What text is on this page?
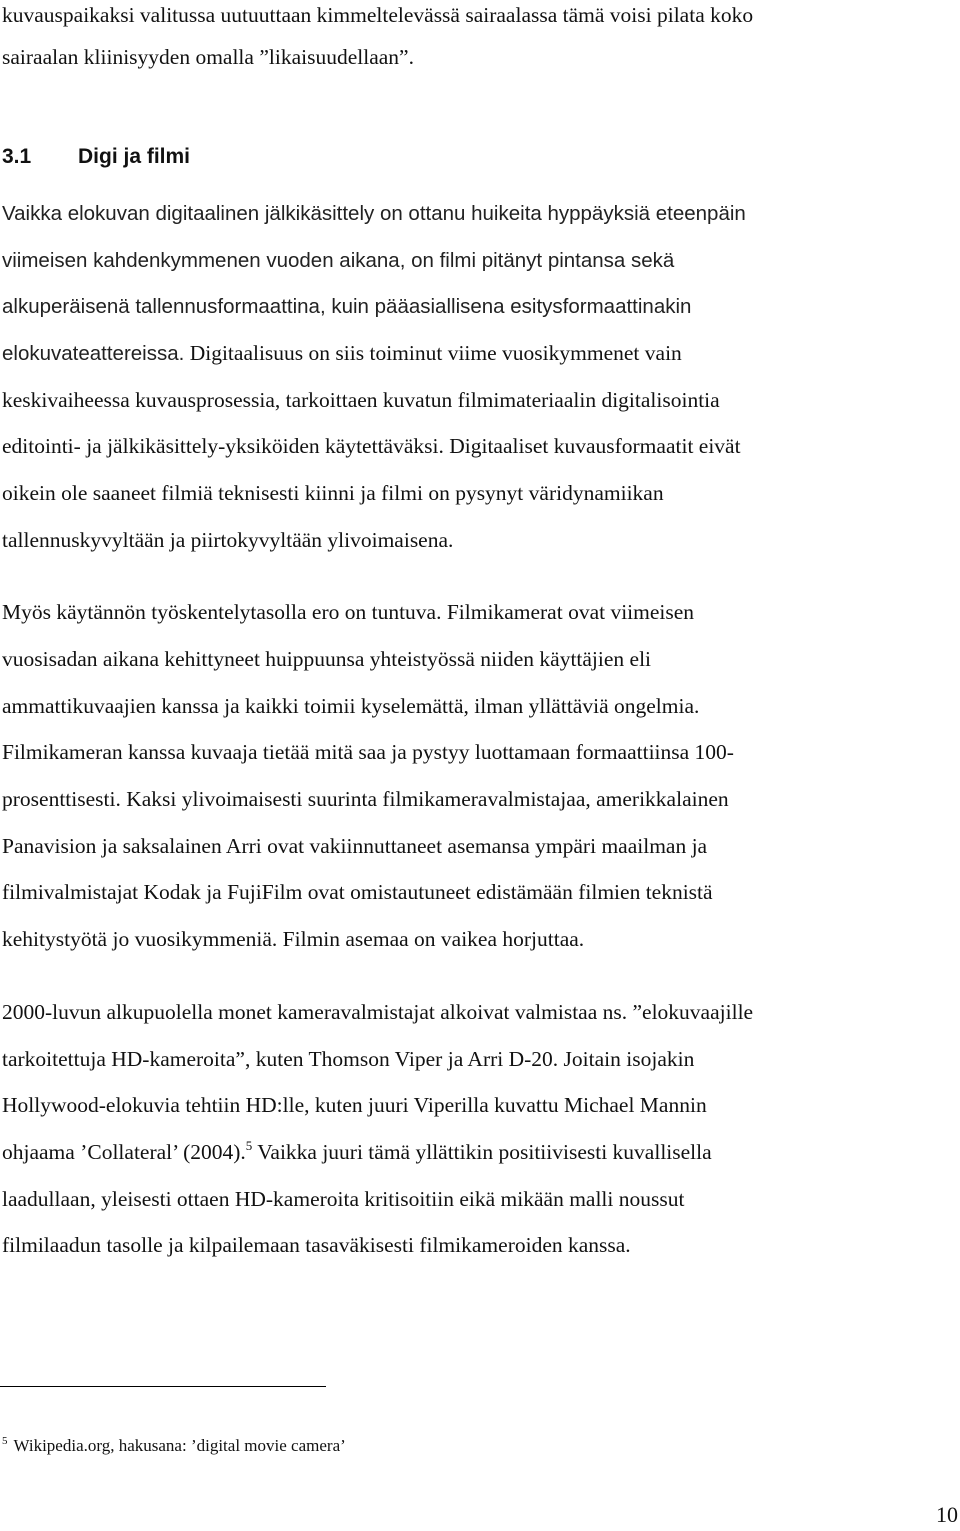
kuvauspaikaksi valitussa uutuuttaan kimmeltelevässä sairaalassa tämä voisi pilata koko

sairaalan kliinisyyden omalla ”likaisuudellaan”.

3.1 Digi ja filmi

Vaikka elokuvan digitaalinen jälkikäsittely on ottanu huikeita hyppäyksiä eteenpäin

viimeisen kahdenkymmenen vuoden aikana, on filmi pitänyt pintansa sekä

alkuperäisenä tallennusformaattina, kuin pääasiallisena esitysformaattinakin

elokuvateattereissa. Digitaalisuus on siis toiminut viime vuosikymmenet vain

keskivaiheessa kuvausprosessia, tarkoittaen kuvatun filmimateriaalin digitalisointia

editointi- ja jälkikäsittely-yksiköiden käytettäväksi. Digitaaliset kuvausformaatit eivät

oikein ole saaneet filmiä teknisesti kiinni ja filmi on pysynyt väridynamiikan

tallennuskyvyltään ja piirtokyvyltään ylivoimaisena.

Myös käytännön työskentelytasolla ero on tuntuva. Filmikamerat ovat viimeisen

vuosisadan aikana kehittyneet huippuunsa yhteistyössä niiden käyttäjien eli

ammattikuvaajien kanssa ja kaikki toimii kyselemättä, ilman yllättäviä ongelmia.

Filmikameran kanssa kuvaaja tietää mitä saa ja pystyy luottamaan formaattiinsa 100-

prosenttisesti. Kaksi ylivoimaisesti suurinta filmikameravalmistajaa, amerikkalainen

Panavision ja saksalainen Arri ovat vakiinnuttaneet asemansa ympäri maailman ja

filmivalmistajat Kodak ja FujiFilm ovat omistautuneet edistämään filmien teknistä

kehitystyötä jo vuosikymmeniä. Filmin asemaa on vaikea horjuttaa.

2000-luvun alkupuolella monet kameravalmistajat alkoivat valmistaa ns. ”elokuvaajille

tarkoitettuja HD-kameroita”, kuten Thomson Viper ja Arri D-20. Joitain isojakin

Hollywood-elokuvia tehtiin HD:lle, kuten juuri Viperilla kuvattu Michael Mannin

ohjaama ’Collateral’ (2004).$^5$ Vaikka juuri tämä yllättikin positiivisesti kuvallisella

laadullaan, yleisesti ottaen HD-kameroita kritisoitiin eikä mikään malli noussut

filmilaadun tasolle ja kilpailemaan tasaväkisesti filmikameroiden kanssa.

$^5$ Wikipedia.org, hakusana: ’digital movie camera’
10
